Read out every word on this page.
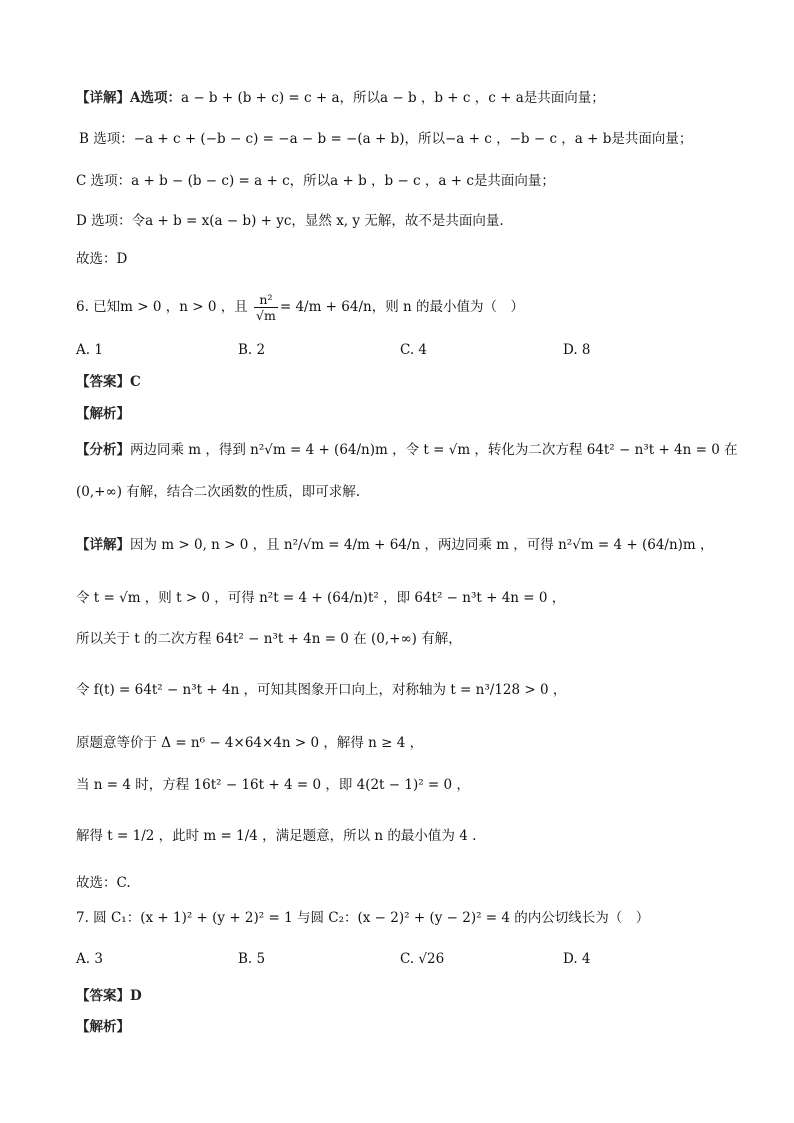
【详解】A选项：a − b + (b + c) = c + a，所以a − b ，b + c ，c + a是共面向量；
B 选项：−a + c + (−b − c) = −a − b = −(a + b)，所以−a + c ，−b − c ，a + b是共面向量；
C 选项：a + b − (b − c) = a + c，所以a + b ，b − c ，a + c是共面向量；
D 选项：令a + b = x(a − b) + yc，显然 x, y 无解，故不是共面向量.
故选：D
6. 已知m > 0 ，n > 0 ，且 $\frac{\text{n²}}{√m} = 4/m + 64/n$，则 n 的最小值为（　）
A. 1	B. 2	C. 4	D. 8
【答案】C
【解析】
【分析】两边同乘 m ，得到 n²√m = 4 + (64/n)m ，令 t = √m ，转化为二次方程 64t² − n³t + 4n = 0 在
(0,+∞) 有解，结合二次函数的性质，即可求解.
【详解】因为 m > 0, n > 0 ，且 n²/√m = 4/m + 64/n ，两边同乘 m ，可得 n²√m = 4 + (64/n)m ，
令 t = √m ，则 t > 0 ，可得 n²t = 4 + (64/n)t² ，即 64t² − n³t + 4n = 0 ，
所以关于 t 的二次方程 64t² − n³t + 4n = 0 在 (0,+∞) 有解，
令 f(t) = 64t² − n³t + 4n ，可知其图象开口向上，对称轴为 t = n³/128 > 0 ，
原题意等价于 Δ = n⁶ − 4×64×4n > 0 ，解得 n ≥ 4 ，
当 n = 4 时，方程 16t² − 16t + 4 = 0 ，即 4(2t − 1)² = 0 ，
解得 t = 1/2 ，此时 m = 1/4 ，满足题意，所以 n 的最小值为 4 .
故选：C.
7. 圆 C₁：(x + 1)² + (y + 2)² = 1 与圆 C₂：(x − 2)² + (y − 2)² = 4 的内公切线长为（　）
A. 3	B. 5	C. √26	D. 4
【答案】D
【解析】
